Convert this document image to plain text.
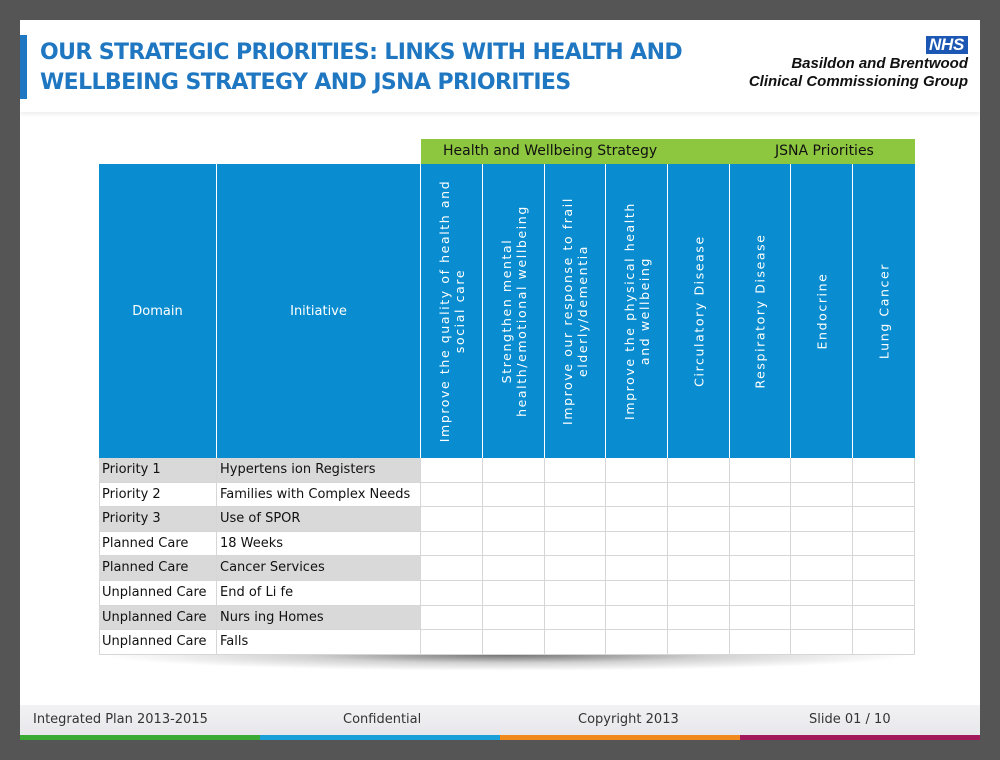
OUR STRATEGIC PRIORITIES: LINKS WITH HEALTH AND
WELLBEING STRATEGY AND JSNA PRIORITIES
NHS
Basildon and Brentwood
Clinical Commissioning Group
Health and Wellbeing Strategy	JSNA Priorities
Domain	Initiative	Improve the quality of health and social care	Strengthen mental health/emotional wellbeing	Improve our response to frail elderly/dementia	Improve the physical health and wellbeing	Circulatory Disease	Respiratory Disease	Endocrine	Lung Cancer
Priority 1	Hypertens ion Registers
Priority 2	Families with Complex Needs
Priority 3	Use of SPOR
Planned Care	18 Weeks
Planned Care	Cancer Services
Unplanned Care	End of Li fe
Unplanned Care	Nurs ing Homes
Unplanned Care	Falls
Integrated Plan 2013-2015	Confidential	Copyright 2013	Slide 01 / 10
